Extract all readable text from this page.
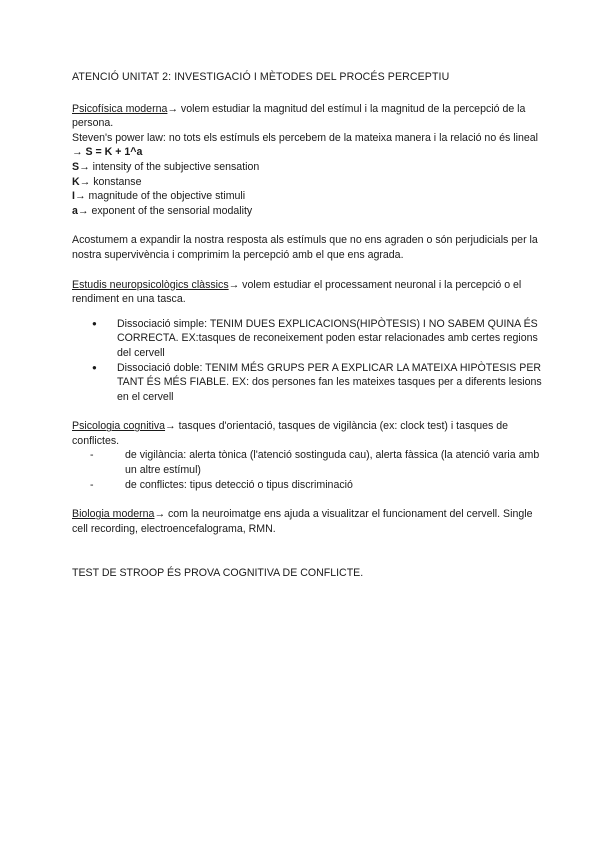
ATENCIÓ UNITAT 2: INVESTIGACIÓ I MÈTODES DEL PROCÉS PERCEPTIU

Psicofísica moderna→ volem estudiar la magnitud del estímul i la magnitud de la percepció de la persona.

Steven's power law: no tots els estímuls els percebem de la mateixa manera i la relació no és lineal → S = K + 1^a

S→ intensity of the subjective sensation

K→ konstanse

I→ magnitude of the objective stimuli

a→ exponent of the sensorial modality

Acostumem a expandir la nostra resposta als estímuls que no ens agraden o són perjudicials per la nostra supervivència i comprimim la percepció amb el que ens agrada.

Estudis neuropsicològics clàssics→ volem estudiar el processament neuronal i la percepció o el rendiment en una tasca.

● Dissociació simple: TENIM DUES EXPLICACIONS(HIPÒTESIS) I NO SABEM QUINA ÉS CORRECTA. EX:tasques de reconeixement poden estar relacionades amb certes regions del cervell
● Dissociació doble: TENIM MÉS GRUPS PER A EXPLICAR LA MATEIXA HIPÒTESIS PER TANT ÉS MÉS FIABLE. EX: dos persones fan les mateixes tasques per a diferents lesions en el cervell

Psicologia cognitiva→ tasques d'orientació, tasques de vigilància (ex: clock test) i tasques de conflictes.

- de vigilància: alerta tònica (l'atenció sostinguda cau), alerta fàssica (la atenció varia amb un altre estímul)
- de conflictes: tipus detecció o tipus discriminació

Biologia moderna→ com la neuroimatge ens ajuda a visualitzar el funcionament del cervell. Single cell recording, electroencefalograma, RMN.

TEST DE STROOP ÉS PROVA COGNITIVA DE CONFLICTE.
